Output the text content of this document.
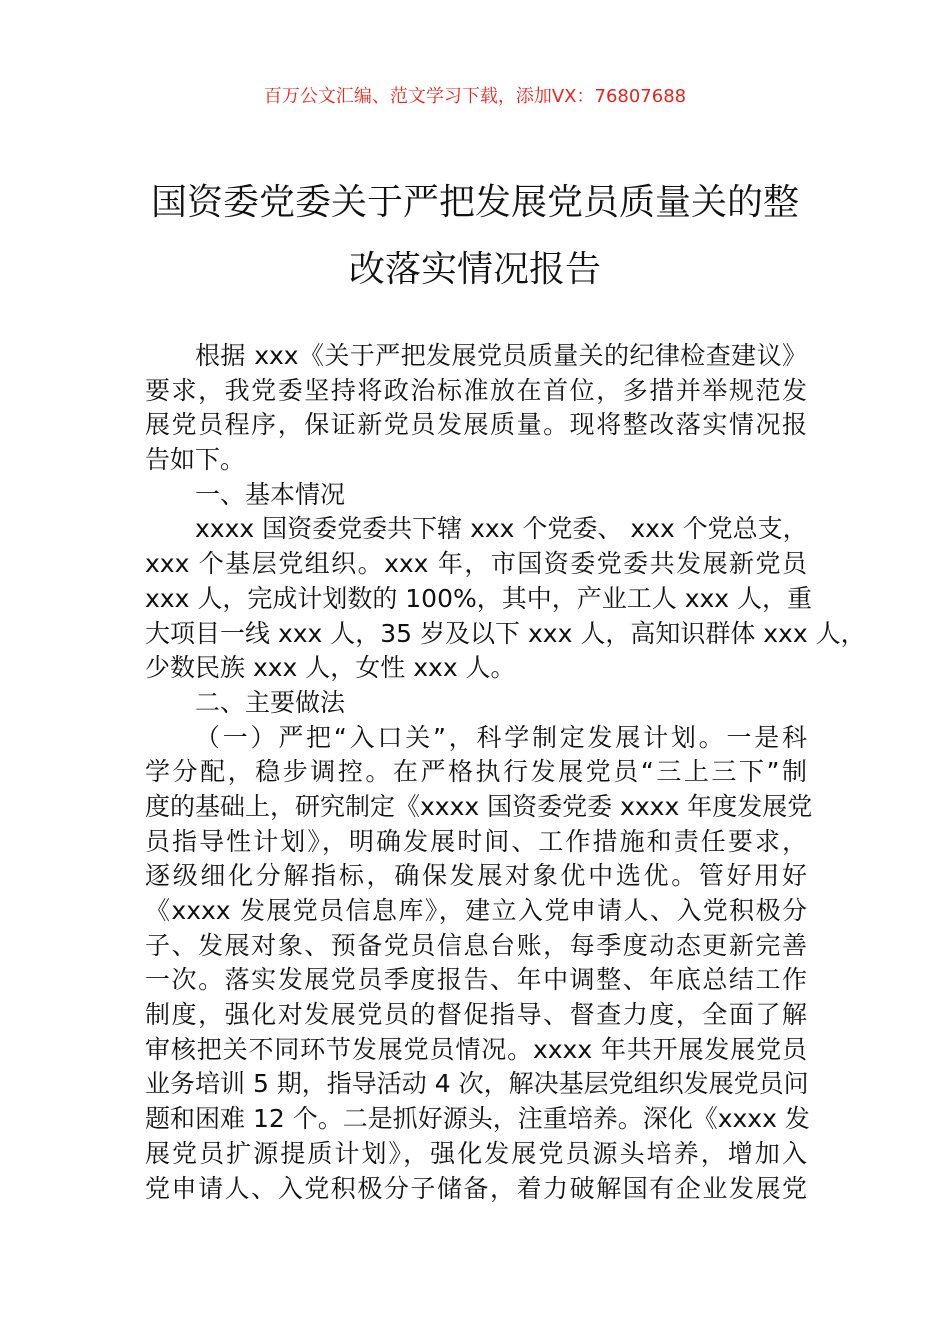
百万公文汇编、范文学习下载，添加VX：76807688
国资委党委关于严把发展党员质量关的整
改落实情况报告
根据 xxx《关于严把发展党员质量关的纪律检查建议》
要求，我党委坚持将政治标准放在首位，多措并举规范发
展党员程序，保证新党员发展质量。现将整改落实情况报
告如下。
一、基本情况
xxxx 国资委党委共下辖 xxx 个党委、 xxx 个党总支，
xxx 个基层党组织。xxx 年，市国资委党委共发展新党员
xxx 人，完成计划数的 100%，其中，产业工人 xxx 人，重
大项目一线 xxx 人，35 岁及以下 xxx 人，高知识群体 xxx 人，
少数民族 xxx 人，女性 xxx 人。
二、主要做法
（一）严把“入口关”，科学制定发展计划。一是科
学分配，稳步调控。在严格执行发展党员“三上三下”制
度的基础上，研究制定《xxxx 国资委党委 xxxx 年度发展党
员指导性计划》，明确发展时间、工作措施和责任要求，
逐级细化分解指标，确保发展对象优中选优。管好用好
《xxxx 发展党员信息库》，建立入党申请人、入党积极分
子、发展对象、预备党员信息台账，每季度动态更新完善
一次。落实发展党员季度报告、年中调整、年底总结工作
制度，强化对发展党员的督促指导、督查力度，全面了解
审核把关不同环节发展党员情况。xxxx 年共开展发展党员
业务培训 5 期，指导活动 4 次，解决基层党组织发展党员问
题和困难 12 个。二是抓好源头，注重培养。深化《xxxx 发
展党员扩源提质计划》，强化发展党员源头培养，增加入
党申请人、入党积极分子储备，着力破解国有企业发展党
